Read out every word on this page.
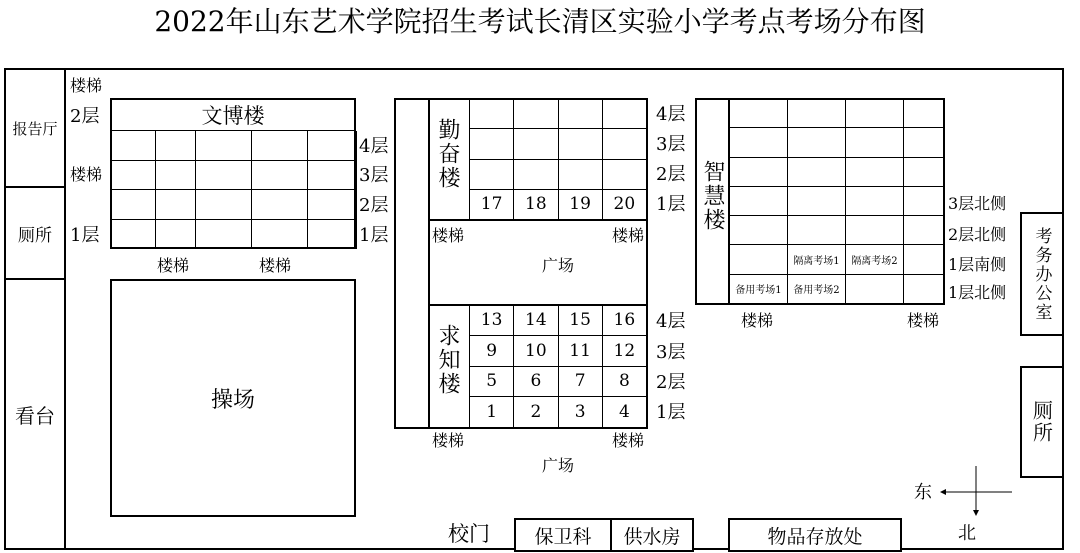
2022年山东艺术学院招生考试长清区实验小学考点考场分布图
报告厅
厕所
看台
楼梯
2层
楼梯
1层
文博楼
4层
3层
2层
1层
楼梯	楼梯
操场
勤奋楼
17	18	19	20
4层
3层
2层
1层
楼梯	楼梯
广场
求知楼
13	14	15	16
9	10	11	12
5	6	7	8
1	2	3	4
4层
3层
2层
1层
楼梯	楼梯
广场
智慧楼
隔离考场1	隔离考场2
备用考场1	备用考场2
3层北侧
2层北侧
1层南侧
1层北侧
楼梯	楼梯	考务办公室
厕所
东
北
校门 保卫科 供水房	物品存放处
